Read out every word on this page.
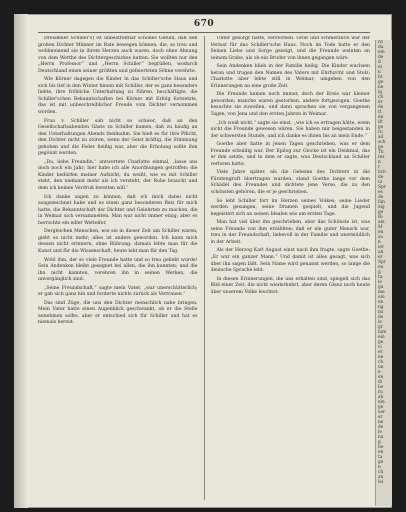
670

Dresdener Schiller's) ist unbestreitbar schönes Gefühl, daß den großen Dichter Männer im Rate bewegen können, die, so treu und wohlmeinend sie in ihrem Herzen auch waren, doch ohne Ahnung von dem Werthe des Dichtergeschickes hatten. Sie wollten nur den „Herrn Professor“ und „Herrn Schiller“ begrüßen, wodurch Deutschland einen seiner größten und gefeiertsten Söhne verehrte.

Wie Körner dagegen die Kinder in das Schiller'sche Haus und sich bis tief in den Winter hinein mit Schiller, der es ganz besonders liebte, ihre fröhliche Unterhaltung zu führen, beschäftigte, die Schiller'schen Bekanntschaften bei Körner mit Erfolg fortsetzte, das ist mit unbeschreiblicher Freude vom Dichter vernommen worden.

Frau v. Schiller sah nicht so schwer, daß an den Gesellschaftsabenden Gäste zu Schiller kamen, daß zu häufig an den Unterhaltungen Abends theilnahm. Sie hieß es für ihre Pflicht, den Dichter nicht zu stören, wenn der Geist kräftig, die Stimmung gehoben und die Feder fleißig war, aber die Erholung sollte ihm gegönnt werden.

„Du, liebe Freundin,“ antwortete Charlotte einmal, „lasse uns doch noch ein Jahr; hier habe ich alle Anordnungen getroffen; die Kinder bedürfen meiner Aufsicht; du weißt, wie es mit Schiller steht, den niemand mehr als ich versteht, der Ruhe braucht und dem ich keinen Verdruß bereiten will.“

Ich danke sagen zu können, daß ich mich dabei nicht ausgezeichnet habe und es einen ganz besonderen Reiz für mich hatte, die Bekanntschaft der Dichter und Gelehrten zu machen, die in Weimar sich versammelten. Man war nicht immer einig; aber es herrschte ein edler Wetteifer.

Dergleichen Menschen, wie sie in dieser Zeit um Schiller waren, giebt es nicht mehr; alles ist anders geworden. Ich kann mich dessen nicht erinnern, ohne Rührung: damals lebte man für die Kunst und für die Wissenschaft, heute lebt man für den Tag.

Wohl ihm, der so viele Freunde hatte und so treu geliebt wurde! Sein Andenken bleibt gesegnet bei allen, die ihn kannten; und die ihn nicht kannten, verehren ihn in seinen Werken, die unvergänglich sind.

„Seine Freundschaft,“ sagte mein Vater, „war unerschütterlich; er gab sich ganz hin und forderte nichts zurück als Vertrauen.“

Das sind Züge, die uns den Dichter menschlich nahe bringen. Mein Vater hatte einen Augenblick geschwankt, ob er die Stelle annehmen sollte, aber er entschied sich für Schiller und hat es niemals bereut.

Unter gesorgt hatte, verstorben. Groß und schmerzlich war der Verlust für das Schiller'sche Haus. Noch im Tode hatte er den Seinen Liebe und Sorge gezeigt, und die Freunde weinten an seinem Grabe, als ob ein Bruder von ihnen gegangen wäre.

Sein Andenken blieb in der Familie heilig. Die Kinder wuchsen heran und trugen den Namen des Vaters mit Ehrfurcht und Stolz; Charlotte aber lebte still in Weimar, umgeben von den Erinnerungen an eine große Zeit.

Die Freunde kamen noch immer, doch der Kreis war kleiner geworden; manche waren gestorben, andere fortgezogen. Goethe besuchte sie zuweilen, und dann sprachen sie von vergangenen Tagen, von Jena und den ersten Jahren in Weimar.

„Ich weiß nicht,“ sagte sie einst, „wie ich es ertragen hätte, wenn nicht die Freunde gewesen wären. Sie haben mir beigestanden in der schwersten Stunde, und ich danke es ihnen bis an mein Ende.“

Goethe aber hatte in jenen Tagen geschrieben, was er dem Freunde schuldig war. Der Epilog zur Glocke ist ein Denkmal, das er ihm setzte, und in dem er sagte, was Deutschland an Schiller verloren hatte.

Viele Jahre später, als die Gebeine des Dichters in die Fürstengruft übertragen wurden, stand Goethe lange vor dem Schädel des Freundes und dichtete jene Verse, die zu den schönsten gehören, die er je geschrieben.

So lebt Schiller fort im Herzen seines Volkes; seine Lieder werden gesungen, seine Dramen gespielt, und die Jugend begeistert sich an seinen Idealen wie am ersten Tage.

Man hat viel über ihn geschrieben, aber das Schönste ist, was seine Freunde von ihm erzählten: daß er ein guter Mensch war, treu in der Freundschaft, liebevoll in der Familie und unermüdlich in der Arbeit.

Als der Herzog Karl August einst nach ihm fragte, sagte Goethe: „Er war ein ganzer Mann.“ Und damit ist alles gesagt, was sich über ihn sagen läßt. Sein Name wird genannt werden, so lange die deutsche Sprache lebt.

In diesen Erinnerungen, die uns erhalten sind, spiegelt sich das Bild einer Zeit, die nicht wiederkehrt, aber deren Glanz noch heute über unserem Volke leuchtet.

rd
da
ein
de
d
ei
n
ht
ge
ne
ig
ch
er
de
tt
en
ift
ge
ru
ad
sch
ge
Th
tes
n
r
lich
de
ui
Spr
es
de
lün
eig
ge
Ri
am
M
en
sa
n
ier
ah
er
Spr
en
g
ta
ie
ga
me
ein
en
ng
nu
de
ie
gr
lum
ein
ge
vi
er
ne
ch
un
e
en
di
be
ru
ah
ein
ge
ver
er
ne
de
ie
nu
g
be
en
ta
ge
n
ch
an
lei
